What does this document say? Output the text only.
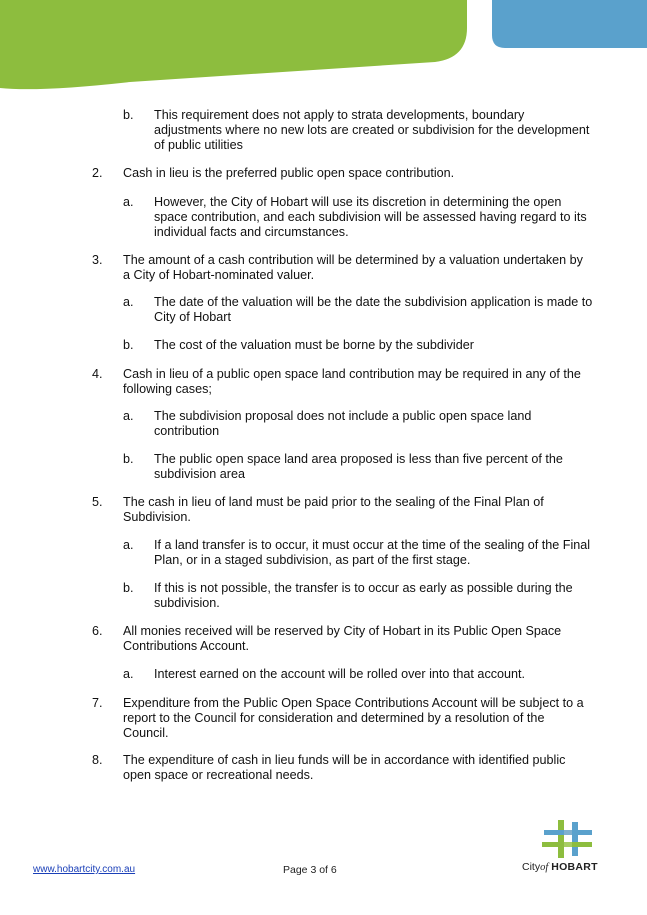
b. This requirement does not apply to strata developments, boundary adjustments where no new lots are created or subdivision for the development of public utilities
2. Cash in lieu is the preferred public open space contribution.
a. However, the City of Hobart will use its discretion in determining the open space contribution, and each subdivision will be assessed having regard to its individual facts and circumstances.
3. The amount of a cash contribution will be determined by a valuation undertaken by a City of Hobart-nominated valuer.
a. The date of the valuation will be the date the subdivision application is made to City of Hobart
b. The cost of the valuation must be borne by the subdivider
4. Cash in lieu of a public open space land contribution may be required in any of the following cases;
a. The subdivision proposal does not include a public open space land contribution
b. The public open space land area proposed is less than five percent of the subdivision area
5. The cash in lieu of land must be paid prior to the sealing of the Final Plan of Subdivision.
a. If a land transfer is to occur, it must occur at the time of the sealing of the Final Plan, or in a staged subdivision, as part of the first stage.
b. If this is not possible, the transfer is to occur as early as possible during the subdivision.
6. All monies received will be reserved by City of Hobart in its Public Open Space Contributions Account.
a. Interest earned on the account will be rolled over into that account.
7. Expenditure from the Public Open Space Contributions Account will be subject to a report to the Council for consideration and determined by a resolution of the Council.
8. The expenditure of cash in lieu funds will be in accordance with identified public open space or recreational needs.
www.hobartcity.com.au	Page 3 of 6	Cityof HOBART
